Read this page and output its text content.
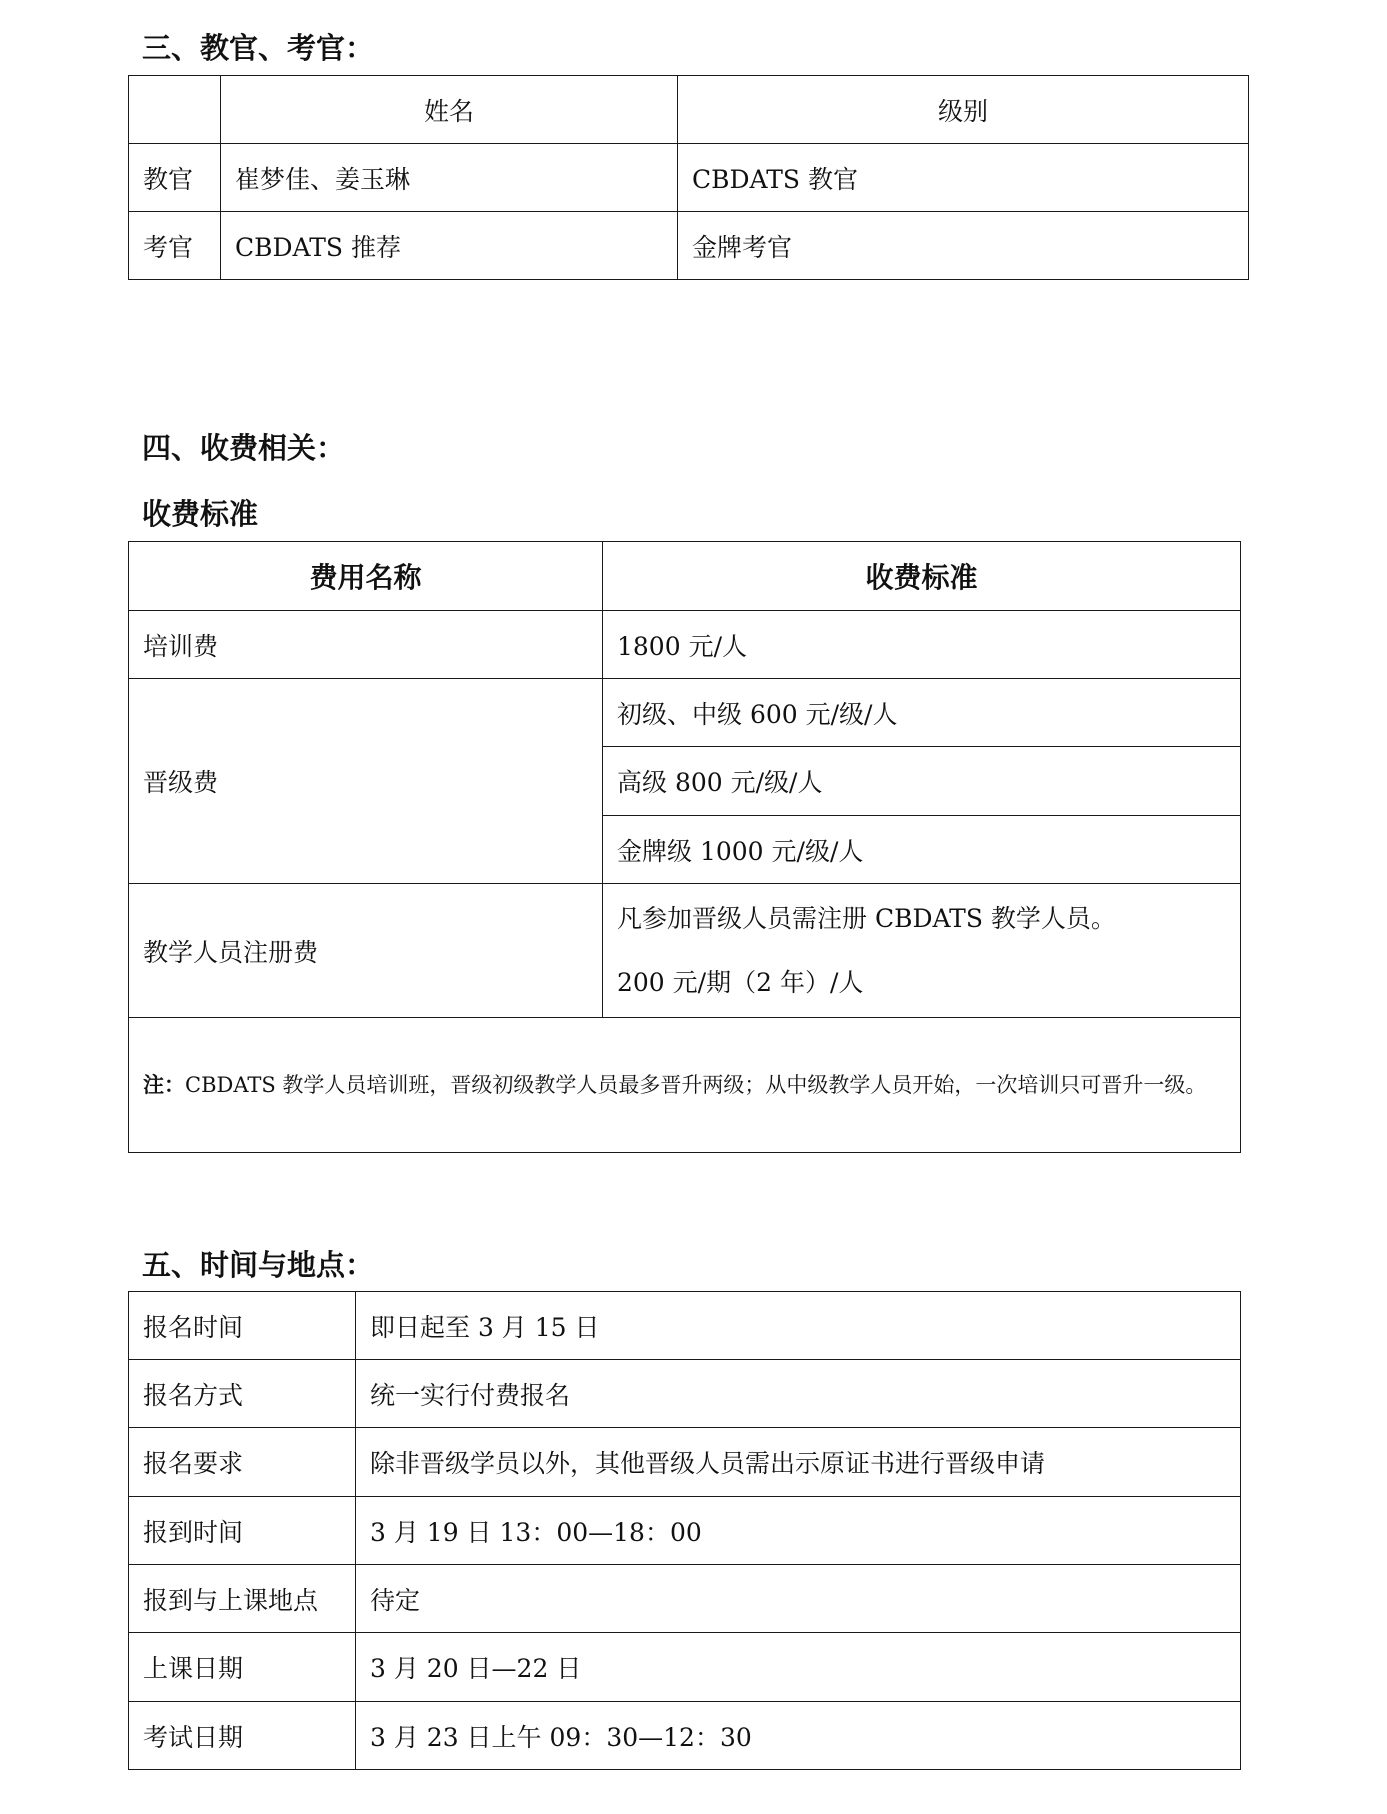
三、教官、考官：
	姓名	级别
教官	崔梦佳、姜玉琳	CBDATS 教官
考官	CBDATS 推荐	金牌考官
四、收费相关：
收费标准
费用名称	收费标准
培训费	1800 元/人
晋级费	初级、中级 600 元/级/人
	高级 800 元/级/人
	金牌级 1000 元/级/人
教学人员注册费	凡参加晋级人员需注册 CBDATS 教学人员。
200 元/期（2 年）/人

注：CBDATS 教学人员培训班，晋级初级教学人员最多晋升两级；从中级教学人员开始，一次培训只可晋升一级。	
五、时间与地点：
报名时间	即日起至 3 月 15 日
报名方式	统一实行付费报名
报名要求	除非晋级学员以外，其他晋级人员需出示原证书进行晋级申请
报到时间	3 月 19 日 13：00—18：00
报到与上课地点	待定
上课日期	3 月 20 日—22 日
考试日期	3 月 23 日上午 09：30—12：30
